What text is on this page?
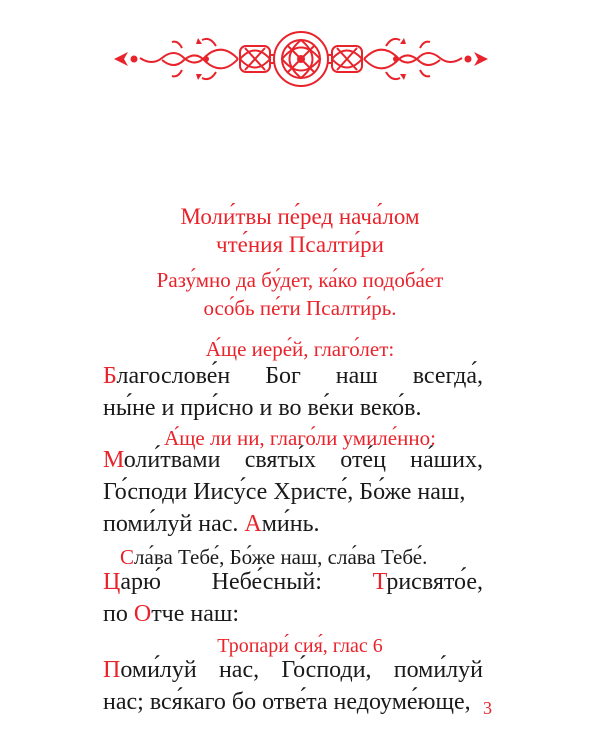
Моли́твы пе́ред нача́лом
чте́ния Псалти́ри
Разу́мно да бу́дет, ка́ко подоба́ет
осо́бь пе́ти Псалти́рь.
А́ще иере́й, глаго́лет:
Благослове́н Бог наш всегда́,
ны́не и при́сно и во ве́ки веко́в.
А́ще ли ни, глаго́ли умиле́нно:
Моли́твами святы́х оте́ц на́ших,
Го́споди Иису́се Христе́, Бо́же наш,
поми́луй нас. Ами́нь.
Сла́ва Тебе́, Бо́же наш, сла́ва Тебе́.
Царю́ Небе́сный: Трисвято́е,
по Отче наш:
Тропари́ сия́, глас 6
Поми́луй нас, Го́споди, поми́луй
нас; вся́каго бо отве́та недоуме́юще, 3
